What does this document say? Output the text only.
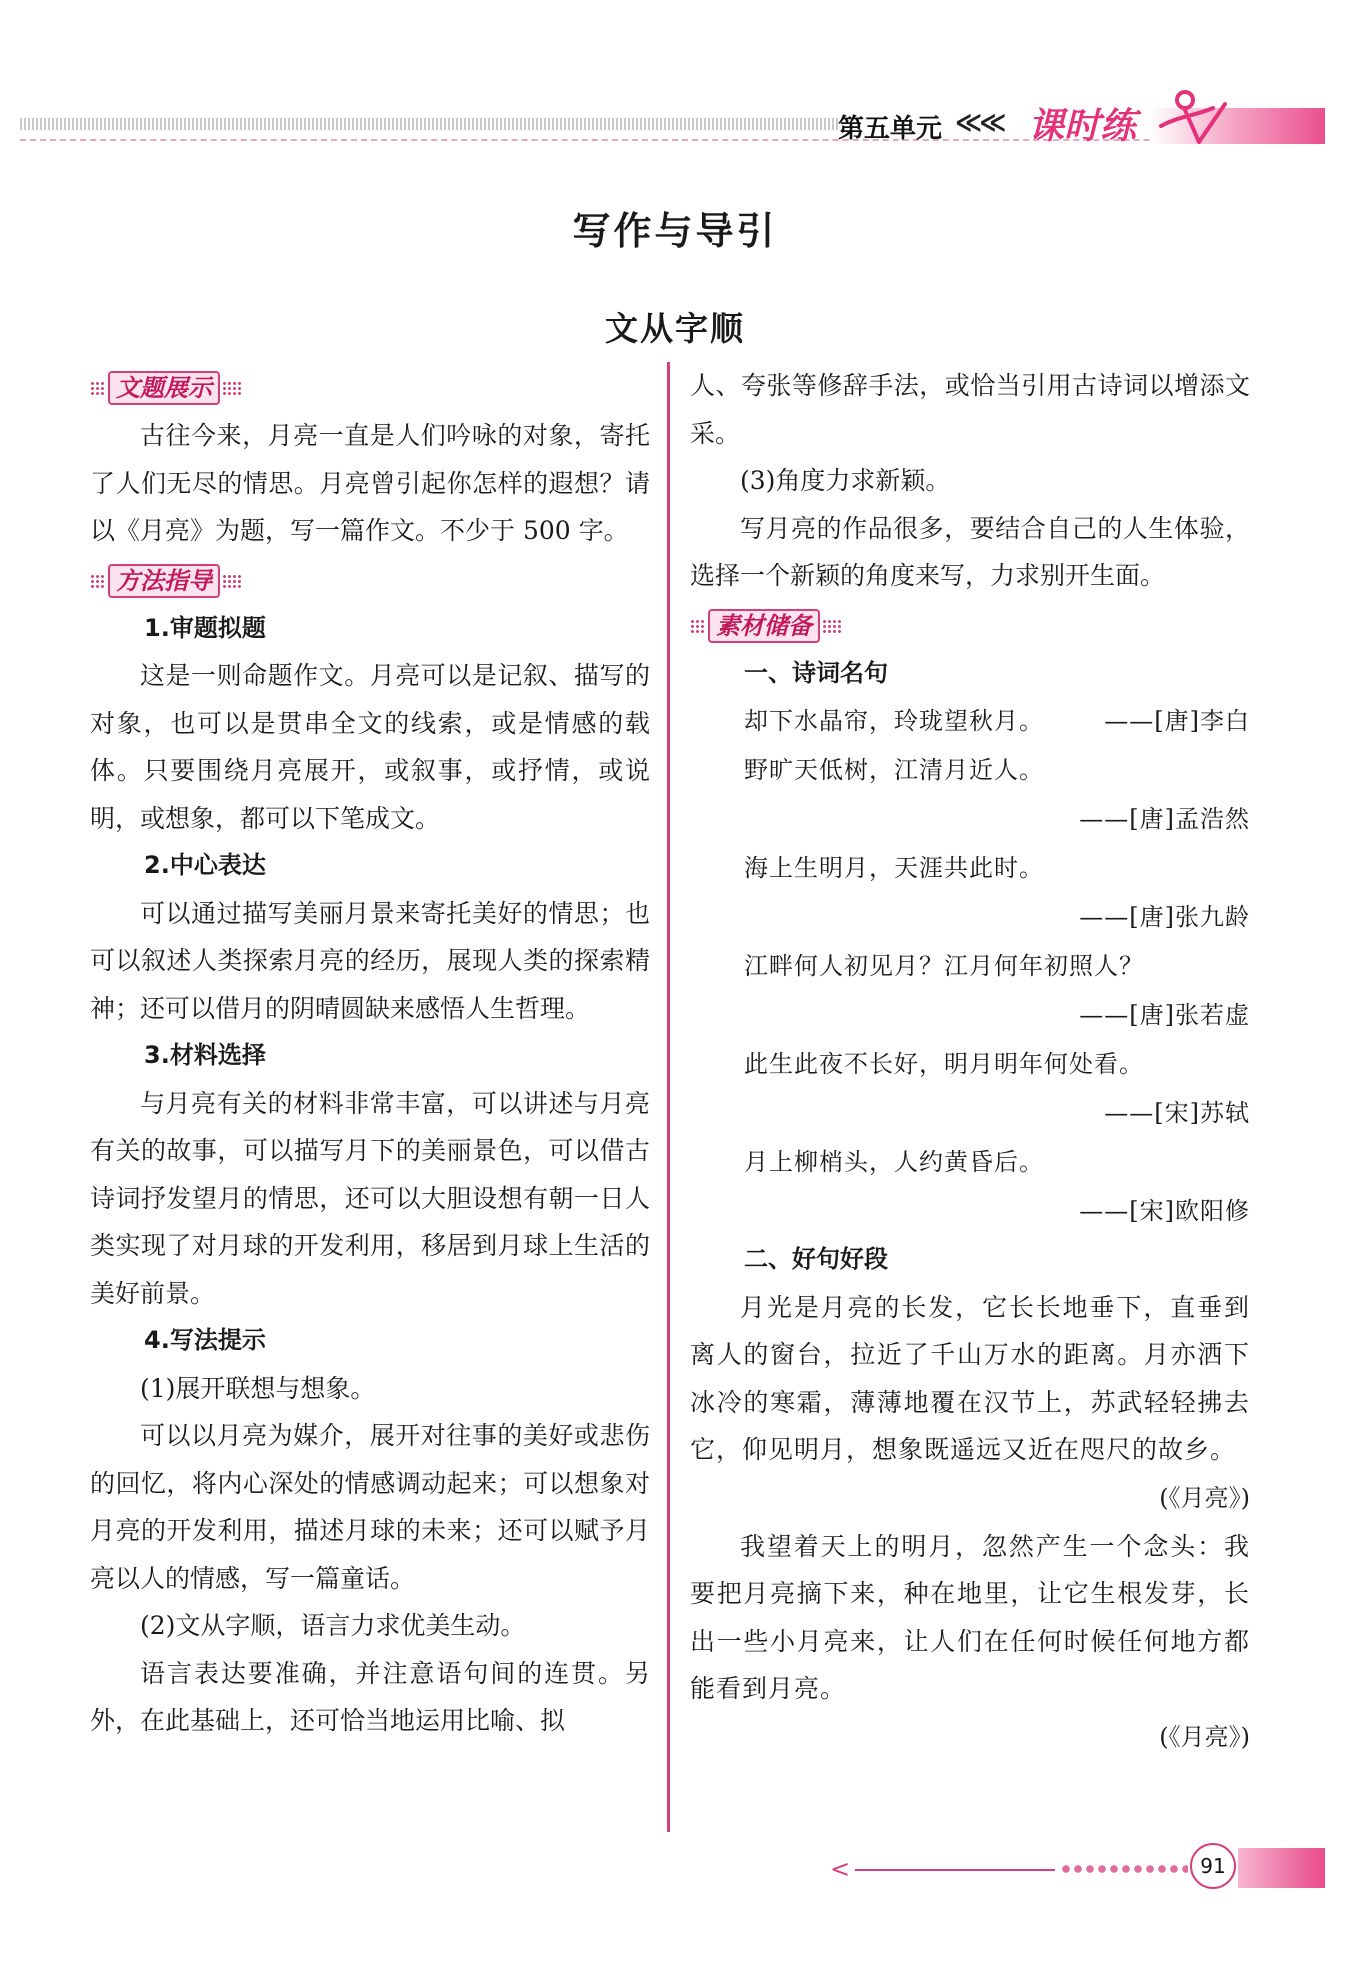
第五单元 ≪≪ 课时练
写作与导引
文从字顺
文题展示

古往今来，月亮一直是人们吟咏的对象，寄托了人们无尽的情思。月亮曾引起你怎样的遐想？请以《月亮》为题，写一篇作文。不少于 500 字。

方法指导

1.审题拟题

这是一则命题作文。月亮可以是记叙、描写的对象，也可以是贯串全文的线索，或是情感的载体。只要围绕月亮展开，或叙事，或抒情，或说明，或想象，都可以下笔成文。

2.中心表达

可以通过描写美丽月景来寄托美好的情思；也可以叙述人类探索月亮的经历，展现人类的探索精神；还可以借月的阴晴圆缺来感悟人生哲理。

3.材料选择

与月亮有关的材料非常丰富，可以讲述与月亮有关的故事，可以描写月下的美丽景色，可以借古诗词抒发望月的情思，还可以大胆设想有朝一日人类实现了对月球的开发利用，移居到月球上生活的美好前景。

4.写法提示

(1)展开联想与想象。

可以以月亮为媒介，展开对往事的美好或悲伤的回忆，将内心深处的情感调动起来；可以想象对月亮的开发利用，描述月球的未来；还可以赋予月亮以人的情感，写一篇童话。

(2)文从字顺，语言力求优美生动。

语言表达要准确，并注意语句间的连贯。另外，在此基础上，还可恰当地运用比喻、拟

人、夸张等修辞手法，或恰当引用古诗词以增添文采。

(3)角度力求新颖。

写月亮的作品很多，要结合自己的人生体验，选择一个新颖的角度来写，力求别开生面。

素材储备

一、诗词名句

却下水晶帘，玲珑望秋月。	——[唐]李白

野旷天低树，江清月近人。

——[唐]孟浩然

海上生明月，天涯共此时。

——[唐]张九龄

江畔何人初见月？江月何年初照人？

——[唐]张若虚

此生此夜不长好，明月明年何处看。

——[宋]苏轼

月上柳梢头，人约黄昏后。

——[宋]欧阳修

二、好句好段

月光是月亮的长发，它长长地垂下，直垂到离人的窗台，拉近了千山万水的距离。月亦洒下冰冷的寒霜，薄薄地覆在汉节上，苏武轻轻拂去它，仰见明月，想象既遥远又近在咫尺的故乡。

(《月亮》)

我望着天上的明月，忽然产生一个念头：我要把月亮摘下来，种在地里，让它生根发芽，长出一些小月亮来，让人们在任何时候任何地方都能看到月亮。

(《月亮》)

<	91
